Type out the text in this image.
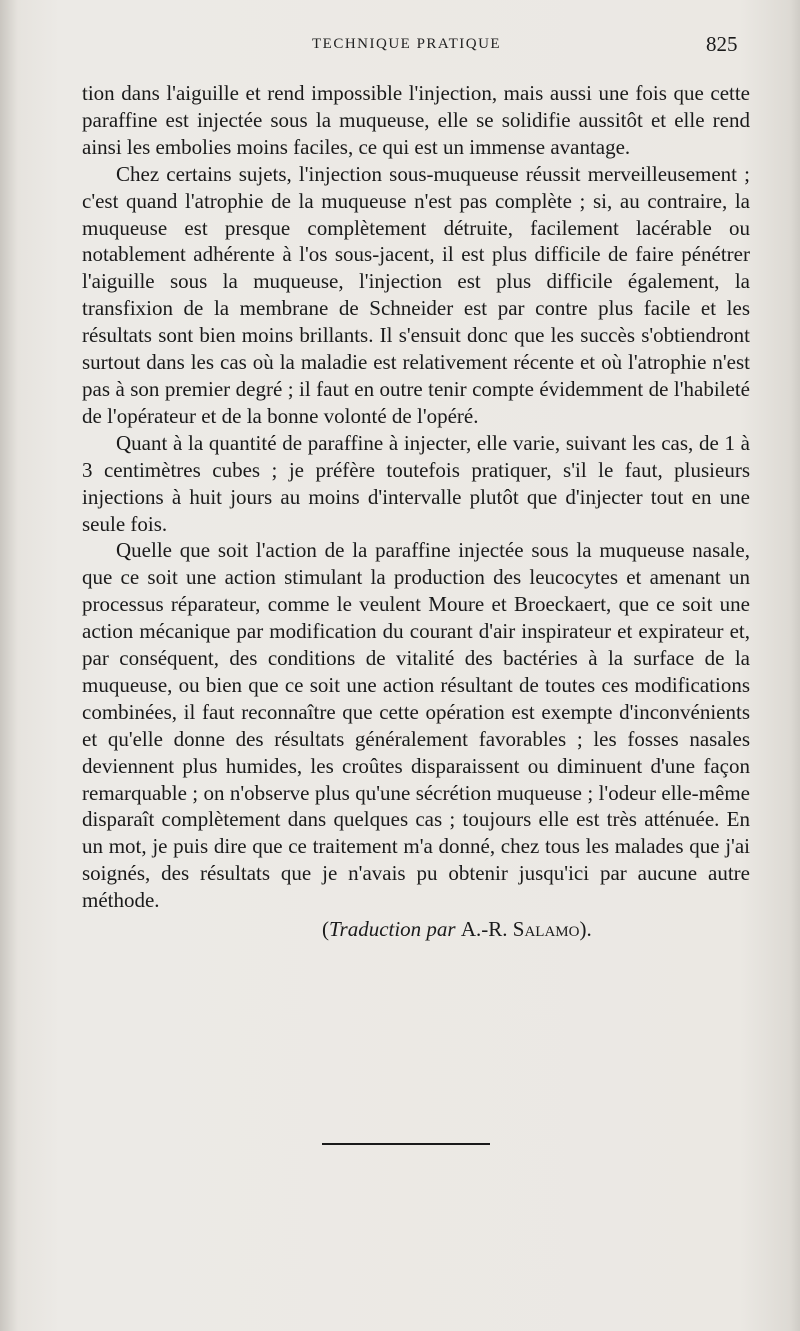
TECHNIQUE PRATIQUE	825

tion dans l'aiguille et rend impossible l'injection, mais aussi une fois que cette paraffine est injectée sous la muqueuse, elle se solidifie aussitôt et elle rend ainsi les embolies moins faciles, ce qui est un immense avantage.

Chez certains sujets, l'injection sous-muqueuse réussit merveilleusement ; c'est quand l'atrophie de la muqueuse n'est pas complète ; si, au contraire, la muqueuse est presque complètement détruite, facilement lacérable ou notablement adhérente à l'os sous-jacent, il est plus difficile de faire pénétrer l'aiguille sous la muqueuse, l'injection est plus difficile également, la transfixion de la membrane de Schneider est par contre plus facile et les résultats sont bien moins brillants. Il s'ensuit donc que les succès s'obtiendront surtout dans les cas où la maladie est relativement récente et où l'atrophie n'est pas à son premier degré ; il faut en outre tenir compte évidemment de l'habileté de l'opérateur et de la bonne volonté de l'opéré.

Quant à la quantité de paraffine à injecter, elle varie, suivant les cas, de 1 à 3 centimètres cubes ; je préfère toutefois pratiquer, s'il le faut, plusieurs injections à huit jours au moins d'intervalle plutôt que d'injecter tout en une seule fois.

Quelle que soit l'action de la paraffine injectée sous la muqueuse nasale, que ce soit une action stimulant la production des leucocytes et amenant un processus réparateur, comme le veulent Moure et Broeckaert, que ce soit une action mécanique par modification du courant d'air inspirateur et expirateur et, par conséquent, des conditions de vitalité des bactéries à la surface de la muqueuse, ou bien que ce soit une action résultant de toutes ces modifications combinées, il faut reconnaître que cette opération est exempte d'inconvénients et qu'elle donne des résultats généralement favorables ; les fosses nasales deviennent plus humides, les croûtes disparaissent ou diminuent d'une façon remarquable ; on n'observe plus qu'une sécrétion muqueuse ; l'odeur elle-même disparaît complètement dans quelques cas ; toujours elle est très atténuée. En un mot, je puis dire que ce traitement m'a donné, chez tous les malades que j'ai soignés, des résultats que je n'avais pu obtenir jusqu'ici par aucune autre méthode.

(Traduction par A.-R. Salamo).
